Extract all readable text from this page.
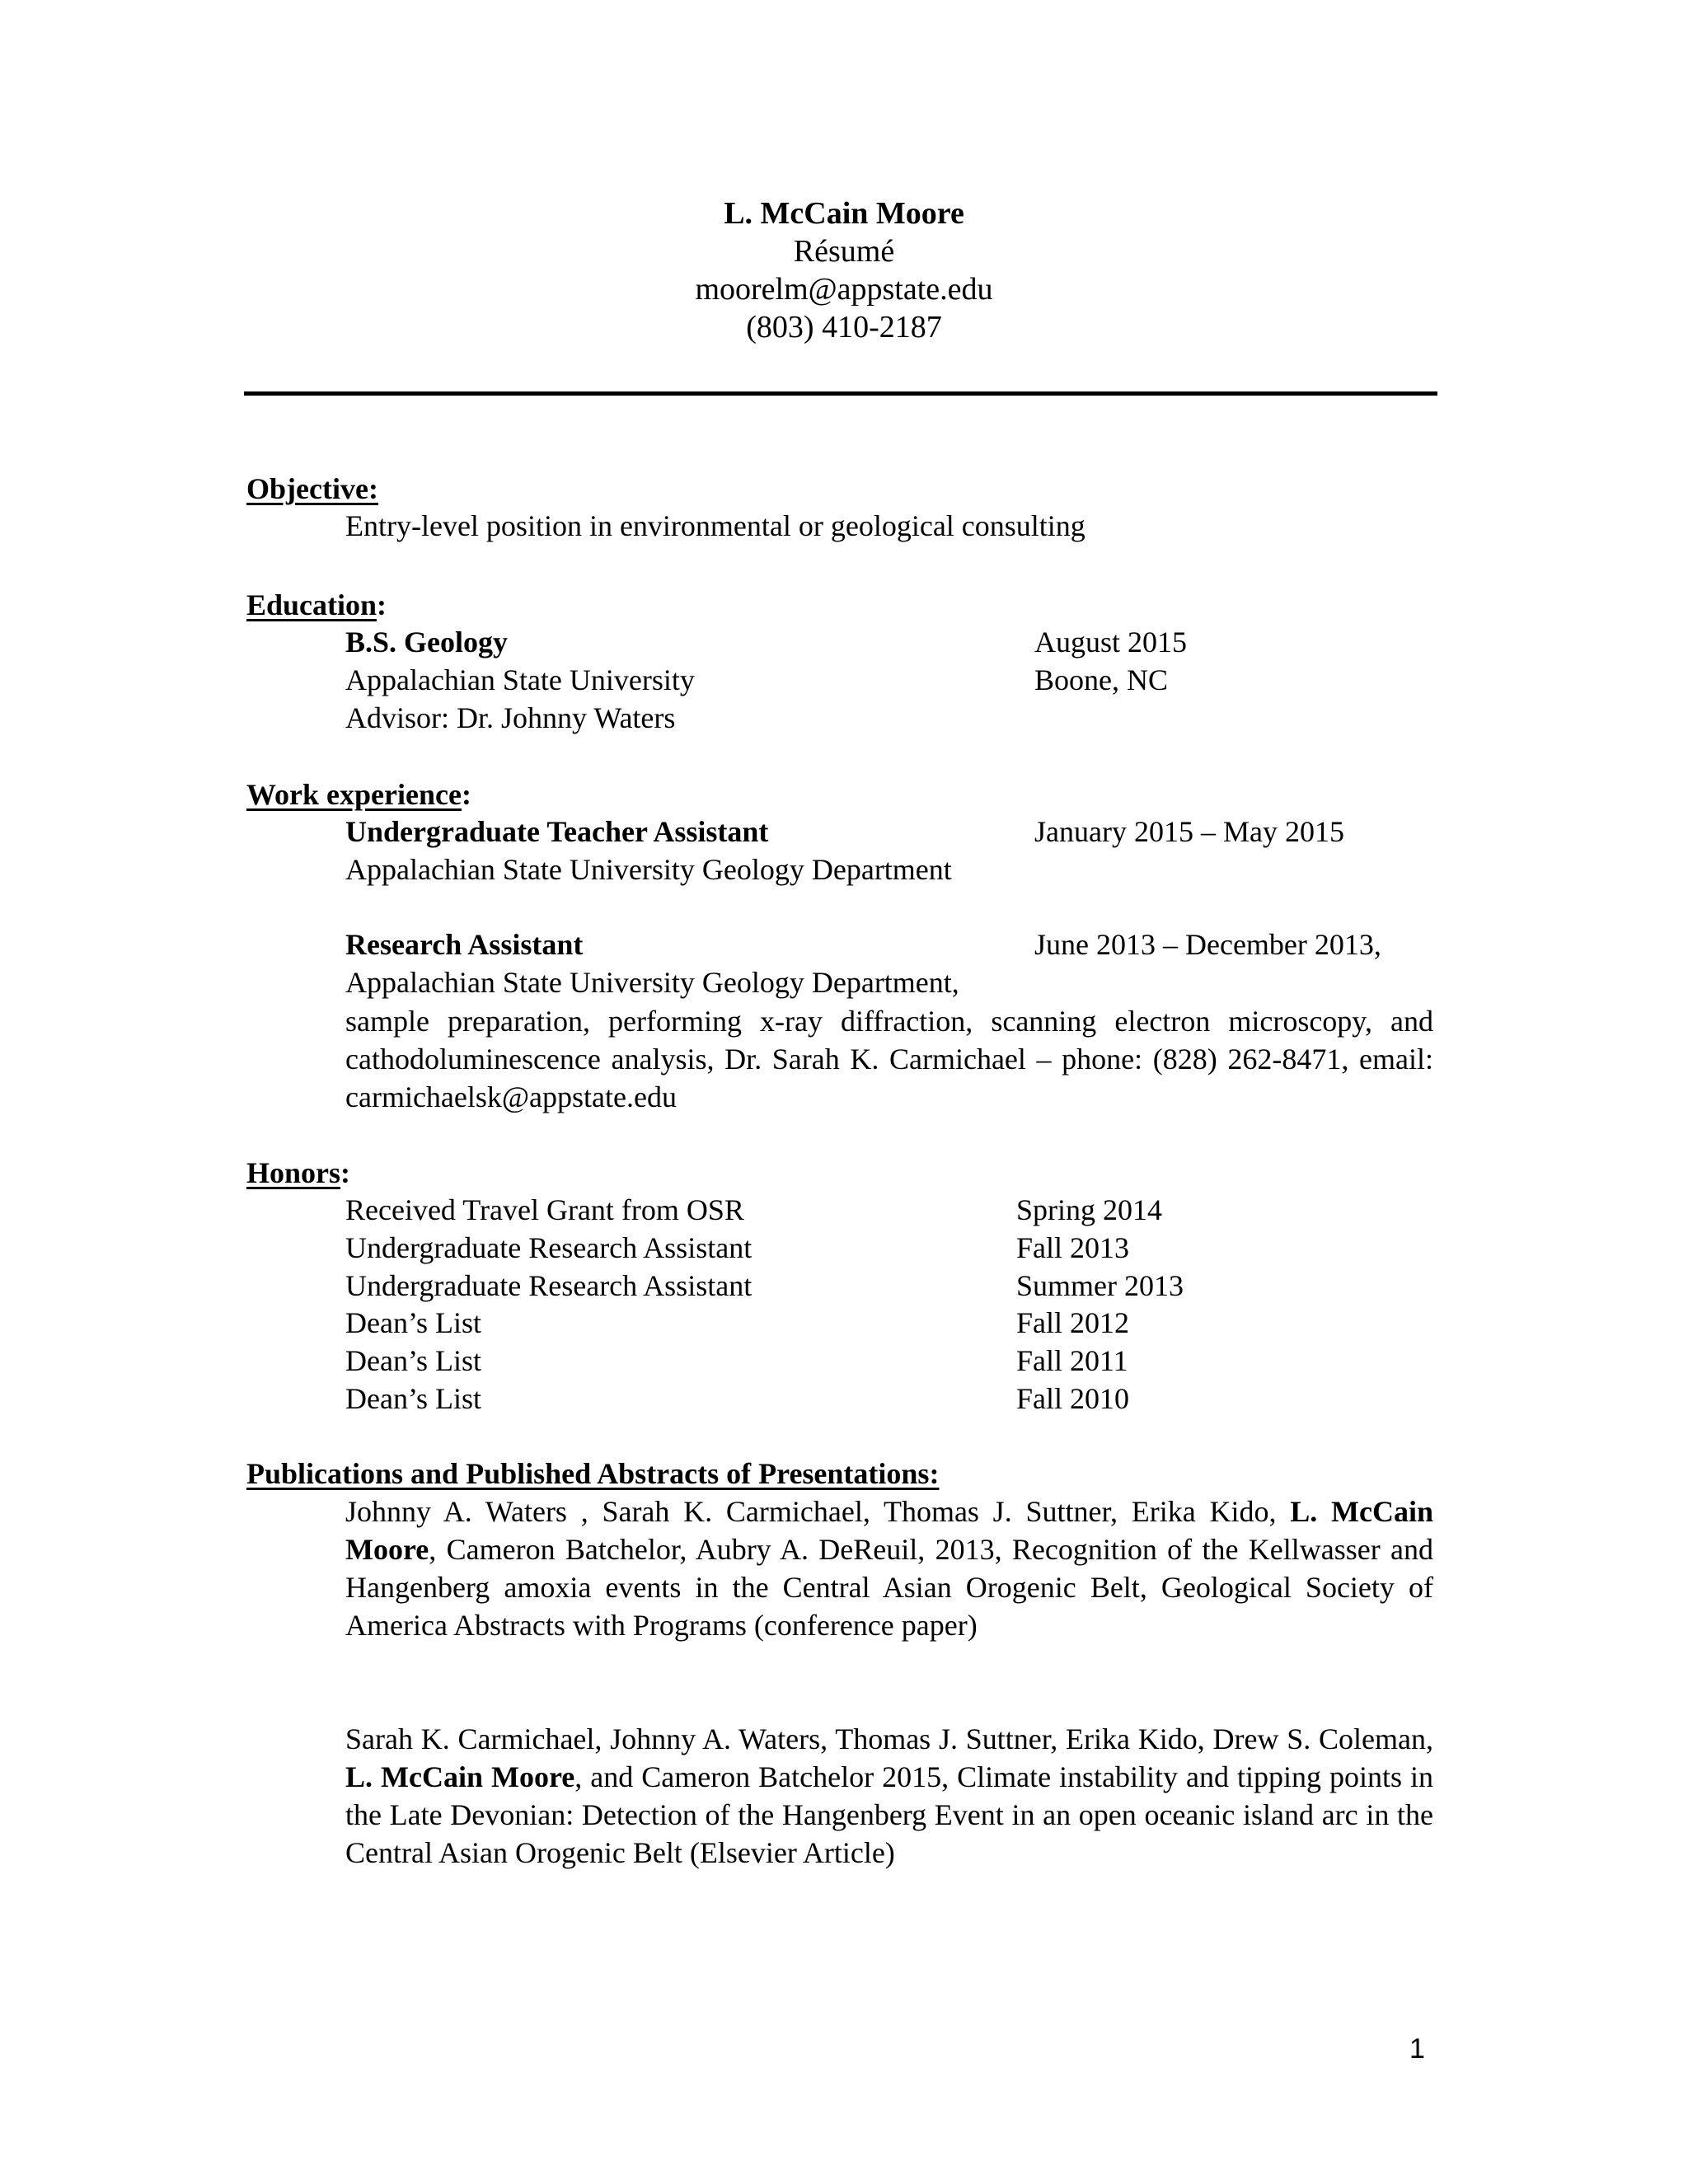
L. McCain Moore
Résumé
moorelm@appstate.edu
(803) 410-2187
Objective:
Entry-level position in environmental or geological consulting
Education:
B.S. Geology	August 2015
Appalachian State University	Boone, NC
Advisor: Dr. Johnny Waters
Work experience:
Undergraduate Teacher Assistant	January 2015 – May 2015
Appalachian State University Geology Department
Research Assistant	June 2013 – December 2013,
Appalachian State University Geology Department,
sample preparation, performing x-ray diffraction, scanning electron microscopy, and cathodoluminescence analysis, Dr. Sarah K. Carmichael – phone: (828) 262-8471, email: carmichaelsk@appstate.edu
Honors:
Received Travel Grant from OSR	Spring 2014
Undergraduate Research Assistant	Fall 2013
Undergraduate Research Assistant	Summer 2013
Dean’s List	Fall 2012
Dean’s List	Fall 2011
Dean’s List	Fall 2010
Publications and Published Abstracts of Presentations:
Johnny A. Waters , Sarah K. Carmichael, Thomas J. Suttner, Erika Kido, L. McCain Moore, Cameron Batchelor, Aubry A. DeReuil, 2013, Recognition of the Kellwasser and Hangenberg amoxia events in the Central Asian Orogenic Belt, Geological Society of America Abstracts with Programs (conference paper)
Sarah K. Carmichael, Johnny A. Waters, Thomas J. Suttner, Erika Kido, Drew S. Coleman, L. McCain Moore, and Cameron Batchelor 2015, Climate instability and tipping points in the Late Devonian: Detection of the Hangenberg Event in an open oceanic island arc in the Central Asian Orogenic Belt (Elsevier Article)
1
